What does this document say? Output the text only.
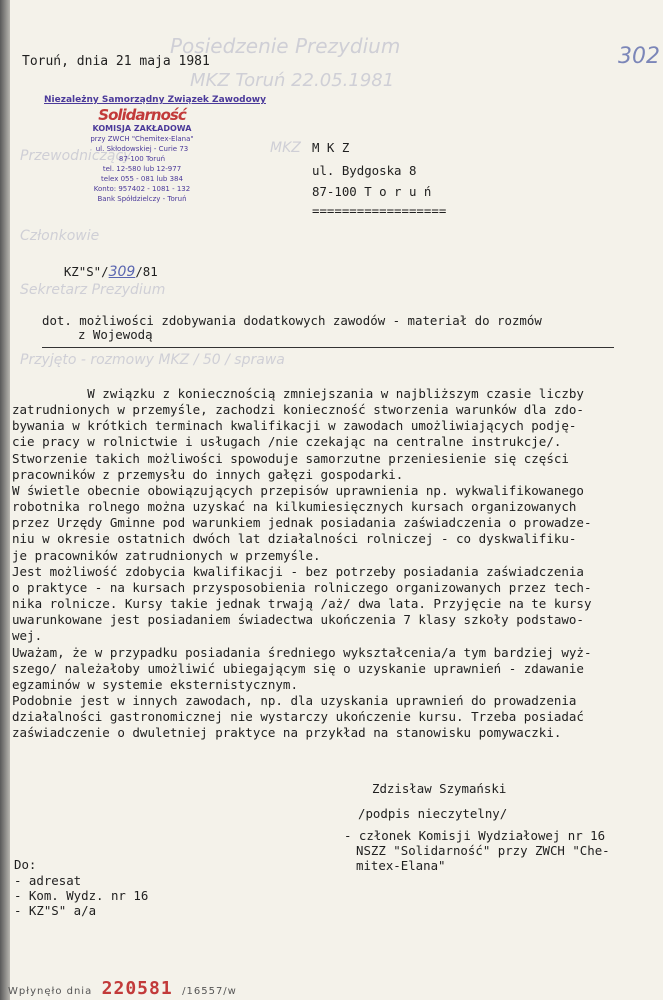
Posiedzenie Prezydium
MKZ Toruń 22.05.1981
Przewodniczący
Członkowie
Sekretarz Prezydium
Przyjęto - rozmowy MKZ / 50 / sprawa
MKZ
302
Toruń, dnia 21 maja 1981
Niezależny Samorządny Związek Zawodowy
Solidarność
KOMISJA ZAKŁADOWA
przy ZWCH "Chemitex-Elana"
ul. Skłodowskiej - Curie 73
87-100 Toruń
tel. 12-580 lub 12-977
telex 055 - 081 lub 384
Konto: 957402 - 1081 - 132
Bank Spółdzielczy - Toruń
M K Z
ul. Bydgoska 8
87-100 T o r u ń
==================

KZ"S"/309/81

dot. możliwości zdobywania dodatkowych zawodów - materiał do rozmów
z Wojewodą
W związku z koniecznością zmniejszania w najbliższym czasie liczby
zatrudnionych w przemyśle, zachodzi konieczność stworzenia warunków dla zdo-
bywania w krótkich terminach kwalifikacji w zawodach umożliwiających podję-
cie pracy w rolnictwie i usługach /nie czekając na centralne instrukcje/.
Stworzenie takich możliwości spowoduje samorzutne przeniesienie się części
pracowników z przemysłu do innych gałęzi gospodarki.
W świetle obecnie obowiązujących przepisów uprawnienia np. wykwalifikowanego
robotnika rolnego można uzyskać na kilkumiesięcznych kursach organizowanych
przez Urzędy Gminne pod warunkiem jednak posiadania zaświadczenia o prowadze-
niu w okresie ostatnich dwóch lat działalności rolniczej - co dyskwalifiku-
je pracowników zatrudnionych w przemyśle.
Jest możliwość zdobycia kwalifikacji - bez potrzeby posiadania zaświadczenia
o praktyce - na kursach przysposobienia rolniczego organizowanych przez tech-
nika rolnicze. Kursy takie jednak trwają /aż/ dwa lata. Przyjęcie na te kursy
uwarunkowane jest posiadaniem świadectwa ukończenia 7 klasy szkoły podstawo-
wej.
Uważam, że w przypadku posiadania średniego wykształcenia/a tym bardziej wyż-
szego/ należałoby umożliwić ubiegającym się o uzyskanie uprawnień - zdawanie
egzaminów w systemie eksternistycznym.
Podobnie jest w innych zawodach, np. dla uzyskania uprawnień do prowadzenia
działalności gastronomicznej nie wystarczy ukończenie kursu. Trzeba posiadać
zaświadczenie o dwuletniej praktyce na przykład na stanowisku pomywaczki.
Zdzisław Szymański
/podpis nieczytelny/
- członek Komisji Wydziałowej nr 16
NSZZ "Solidarność" przy ZWCH "Che-
mitex-Elana"
Do:
- adresat
- Kom. Wydz. nr 16
- KZ"S" a/a
Wpłynęło dnia 220581 /16557/w
